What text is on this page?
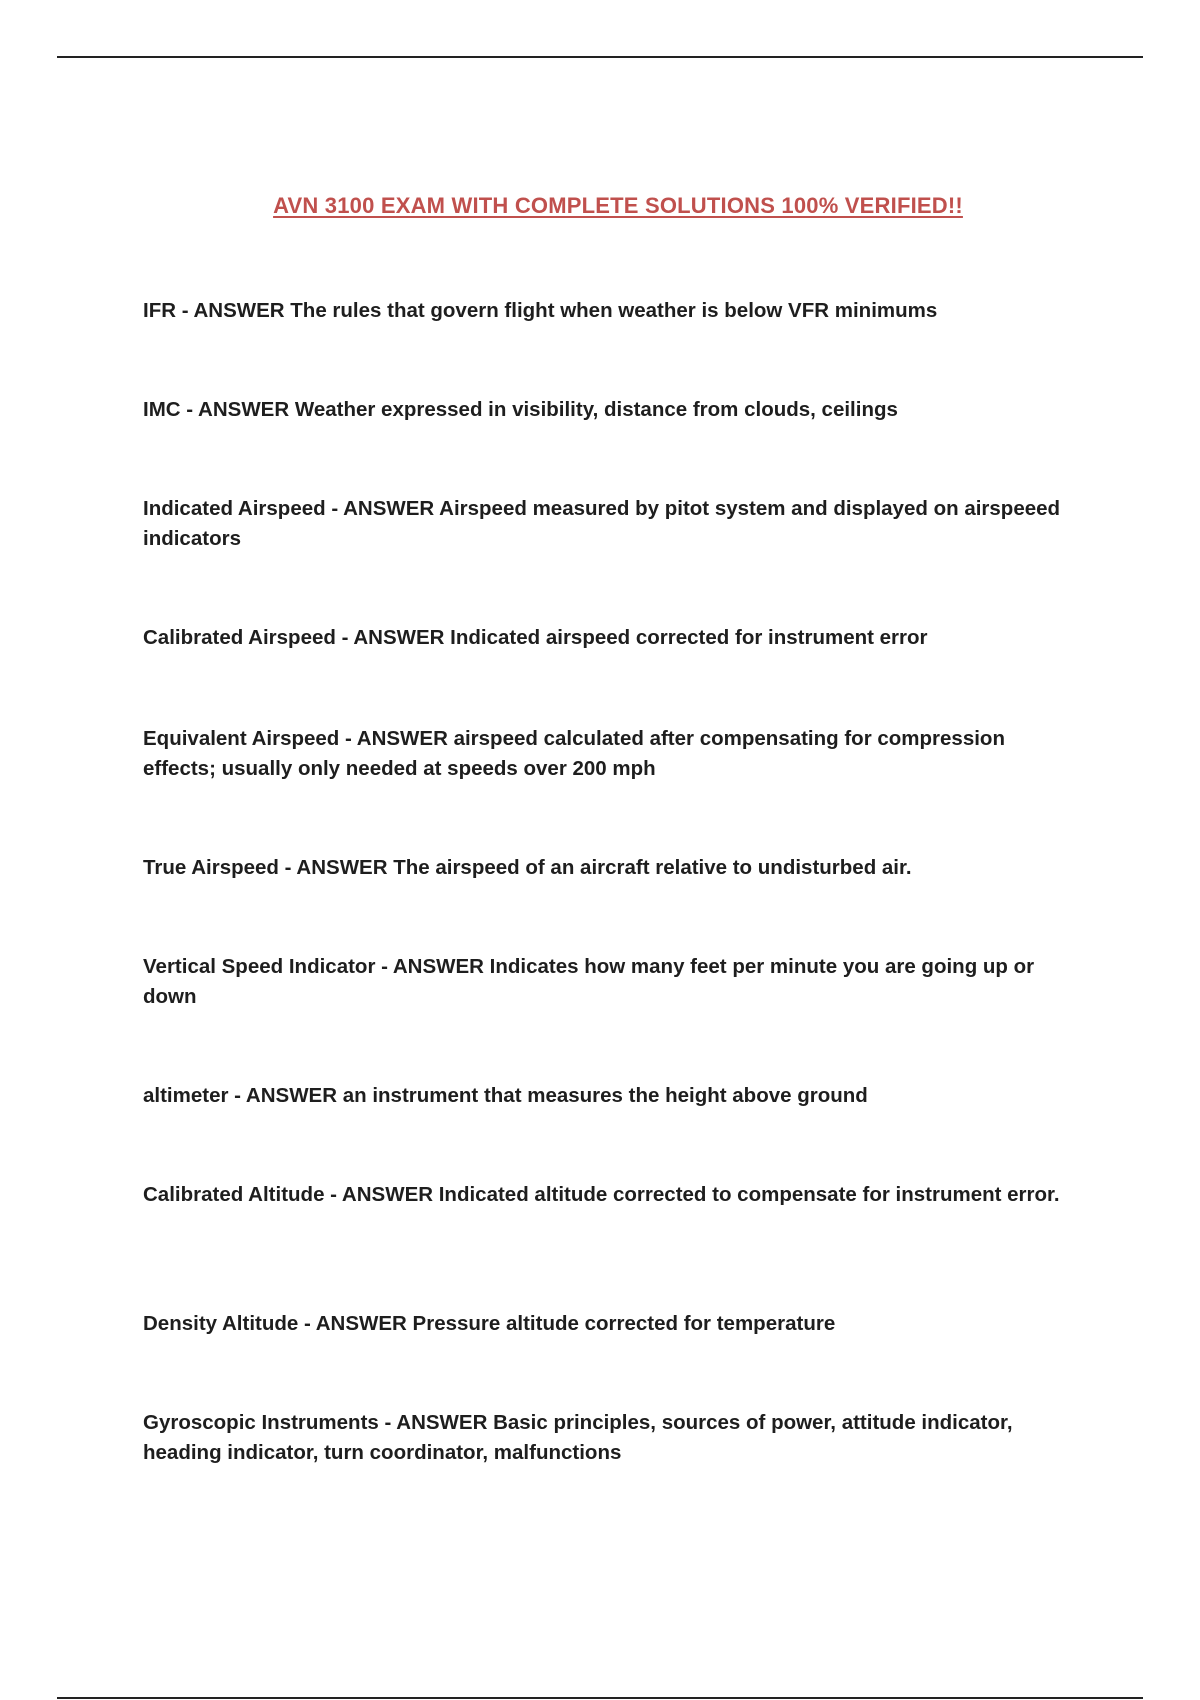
AVN 3100 EXAM WITH COMPLETE SOLUTIONS 100% VERIFIED!!

IFR - ANSWER The rules that govern flight when weather is below VFR minimums

IMC - ANSWER Weather expressed in visibility, distance from clouds, ceilings

Indicated Airspeed - ANSWER Airspeed measured by pitot system and displayed on airspeeed indicators

Calibrated Airspeed - ANSWER Indicated airspeed corrected for instrument error

Equivalent Airspeed - ANSWER airspeed calculated after compensating for compression effects; usually only needed at speeds over 200 mph

True Airspeed - ANSWER The airspeed of an aircraft relative to undisturbed air.

Vertical Speed Indicator - ANSWER Indicates how many feet per minute you are going up or down

altimeter - ANSWER an instrument that measures the height above ground

Calibrated Altitude - ANSWER Indicated altitude corrected to compensate for instrument error.

Density Altitude - ANSWER Pressure altitude corrected for temperature

Gyroscopic Instruments - ANSWER Basic principles, sources of power, attitude indicator, heading indicator, turn coordinator, malfunctions
